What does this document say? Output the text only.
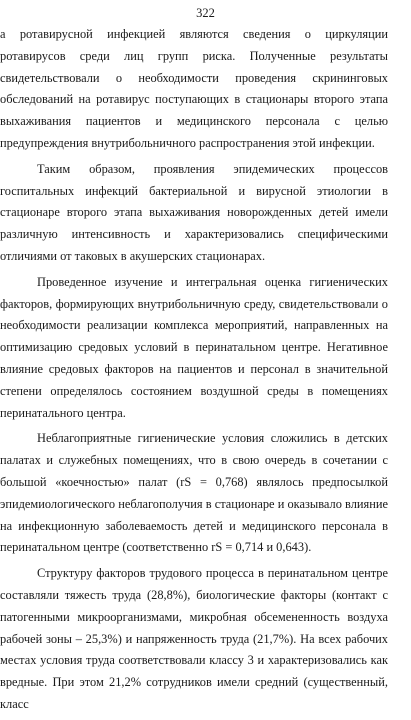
322

а ротавирусной инфекцией являются сведения о циркуляции ротавирусов среди лиц групп риска. Полученные результаты свидетельствовали о необходимости проведения скрининговых обследований на ротавирус поступающих в стационары второго этапа выхаживания пациентов и медицинского персонала с целью предупреждения внутрибольничного распространения этой инфекции.

Таким образом, проявления эпидемических процессов госпитальных инфекций бактериальной и вирусной этиологии в стационаре второго этапа выхаживания новорожденных детей имели различную интенсивность и характеризовались специфическими отличиями от таковых в акушерских стационарах.

Проведенное изучение и интегральная оценка гигиенических факторов, формирующих внутрибольничную среду, свидетельствовали о необходимости реализации комплекса мероприятий, направленных на оптимизацию средовых условий в перинатальном центре. Негативное влияние средовых факторов на пациентов и персонал в значительной степени определялось состоянием воздушной среды в помещениях перинатального центра.

Неблагоприятные гигиенические условия сложились в детских палатах и служебных помещениях, что в свою очередь в сочетании с большой «коечностью» палат (rS = 0,768) являлось предпосылкой эпидемиологического неблагополучия в стационаре и оказывало влияние на инфекционную заболеваемость детей и медицинского персонала в перинатальном центре (соответственно rS = 0,714 и 0,643).

Структуру факторов трудового процесса в перинатальном центре составляли тяжесть труда (28,8%), биологические факторы (контакт с патогенными микроорганизмами, микробная обсемененность воздуха рабочей зоны – 25,3%) и напряженность труда (21,7%). На всех рабочих местах условия труда соответствовали классу 3 и характеризовались как вредные. При этом 21,2% сотрудников имели средний (существенный, класс
